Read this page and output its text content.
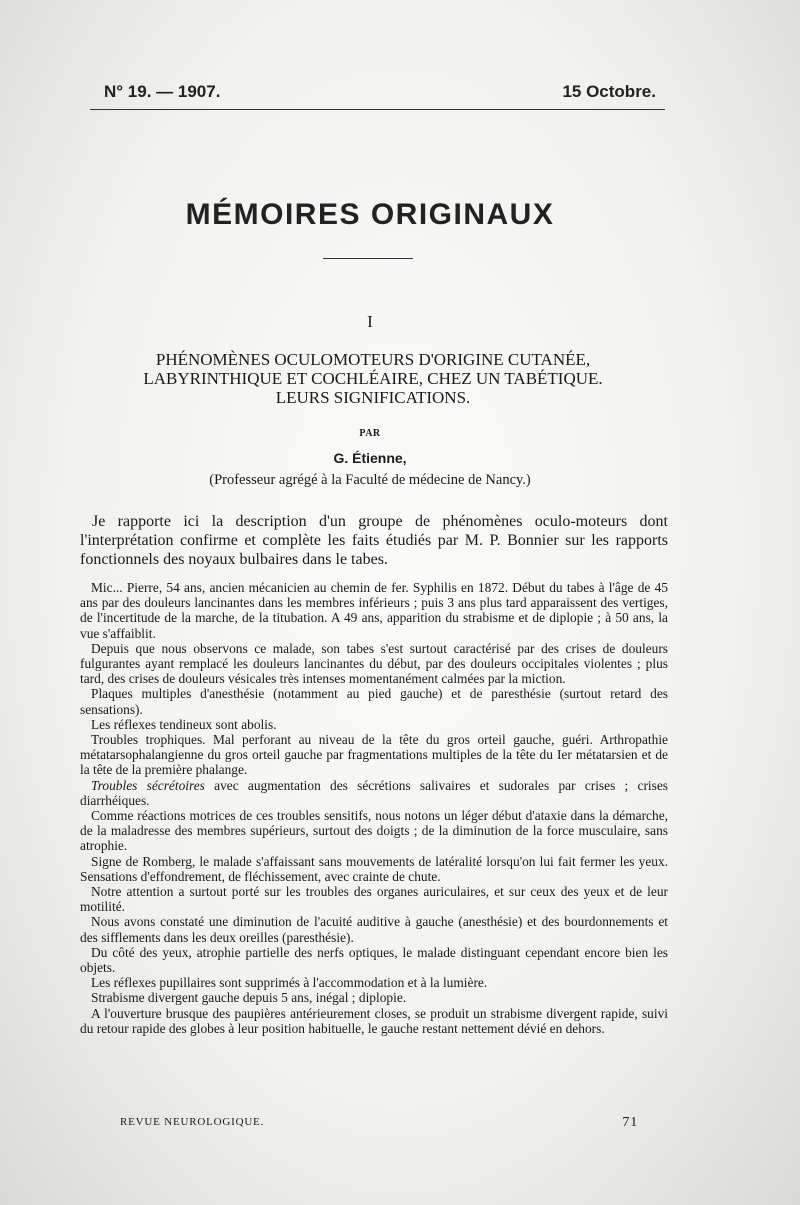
N° 19. — 1907.	15 Octobre.
MÉMOIRES ORIGINAUX
I
PHÉNOMÈNES OCULOMOTEURS D'ORIGINE CUTANÉE,
LABYRINTHIQUE ET COCHLÉAIRE, CHEZ UN TABÉTIQUE.
LEURS SIGNIFICATIONS.
PAR
G. Étienne,
(Professeur agrégé à la Faculté de médecine de Nancy.)

Je rapporte ici la description d'un groupe de phénomènes oculo-moteurs dont l'interprétation confirme et complète les faits étudiés par M. P. Bonnier sur les rapports fonctionnels des noyaux bulbaires dans le tabes.

Mic... Pierre, 54 ans, ancien mécanicien au chemin de fer. Syphilis en 1872. Début du tabes à l'âge de 45 ans par des douleurs lancinantes dans les membres inférieurs ; puis 3 ans plus tard apparaissent des vertiges, de l'incertitude de la marche, de la titubation. A 49 ans, apparition du strabisme et de diplopie ; à 50 ans, la vue s'affaiblit.

Depuis que nous observons ce malade, son tabes s'est surtout caractérisé par des crises de douleurs fulgurantes ayant remplacé les douleurs lancinantes du début, par des douleurs occipitales violentes ; plus tard, des crises de douleurs vésicales très intenses momentanément calmées par la miction.

Plaques multiples d'anesthésie (notamment au pied gauche) et de paresthésie (surtout retard des sensations).

Les réflexes tendineux sont abolis.

Troubles trophiques. Mal perforant au niveau de la tête du gros orteil gauche, guéri. Arthropathie métatarsophalangienne du gros orteil gauche par fragmentations multiples de la tête du Ier métatarsien et de la tête de la première phalange.

Troubles sécrétoires avec augmentation des sécrétions salivaires et sudorales par crises ; crises diarrhéiques.

Comme réactions motrices de ces troubles sensitifs, nous notons un léger début d'ataxie dans la démarche, de la maladresse des membres supérieurs, surtout des doigts ; de la diminution de la force musculaire, sans atrophie.

Signe de Romberg, le malade s'affaissant sans mouvements de latéralité lorsqu'on lui fait fermer les yeux. Sensations d'effondrement, de fléchissement, avec crainte de chute.

Notre attention a surtout porté sur les troubles des organes auriculaires, et sur ceux des yeux et de leur motilité.

Nous avons constaté une diminution de l'acuité auditive à gauche (anesthésie) et des bourdonnements et des sifflements dans les deux oreilles (paresthésie).

Du côté des yeux, atrophie partielle des nerfs optiques, le malade distinguant cependant encore bien les objets.

Les réflexes pupillaires sont supprimés à l'accommodation et à la lumière.

Strabisme divergent gauche depuis 5 ans, inégal ; diplopie.

A l'ouverture brusque des paupières antérieurement closes, se produit un strabisme divergent rapide, suivi du retour rapide des globes à leur position habituelle, le gauche restant nettement dévié en dehors.

REVUE NEUROLOGIQUE.	71
